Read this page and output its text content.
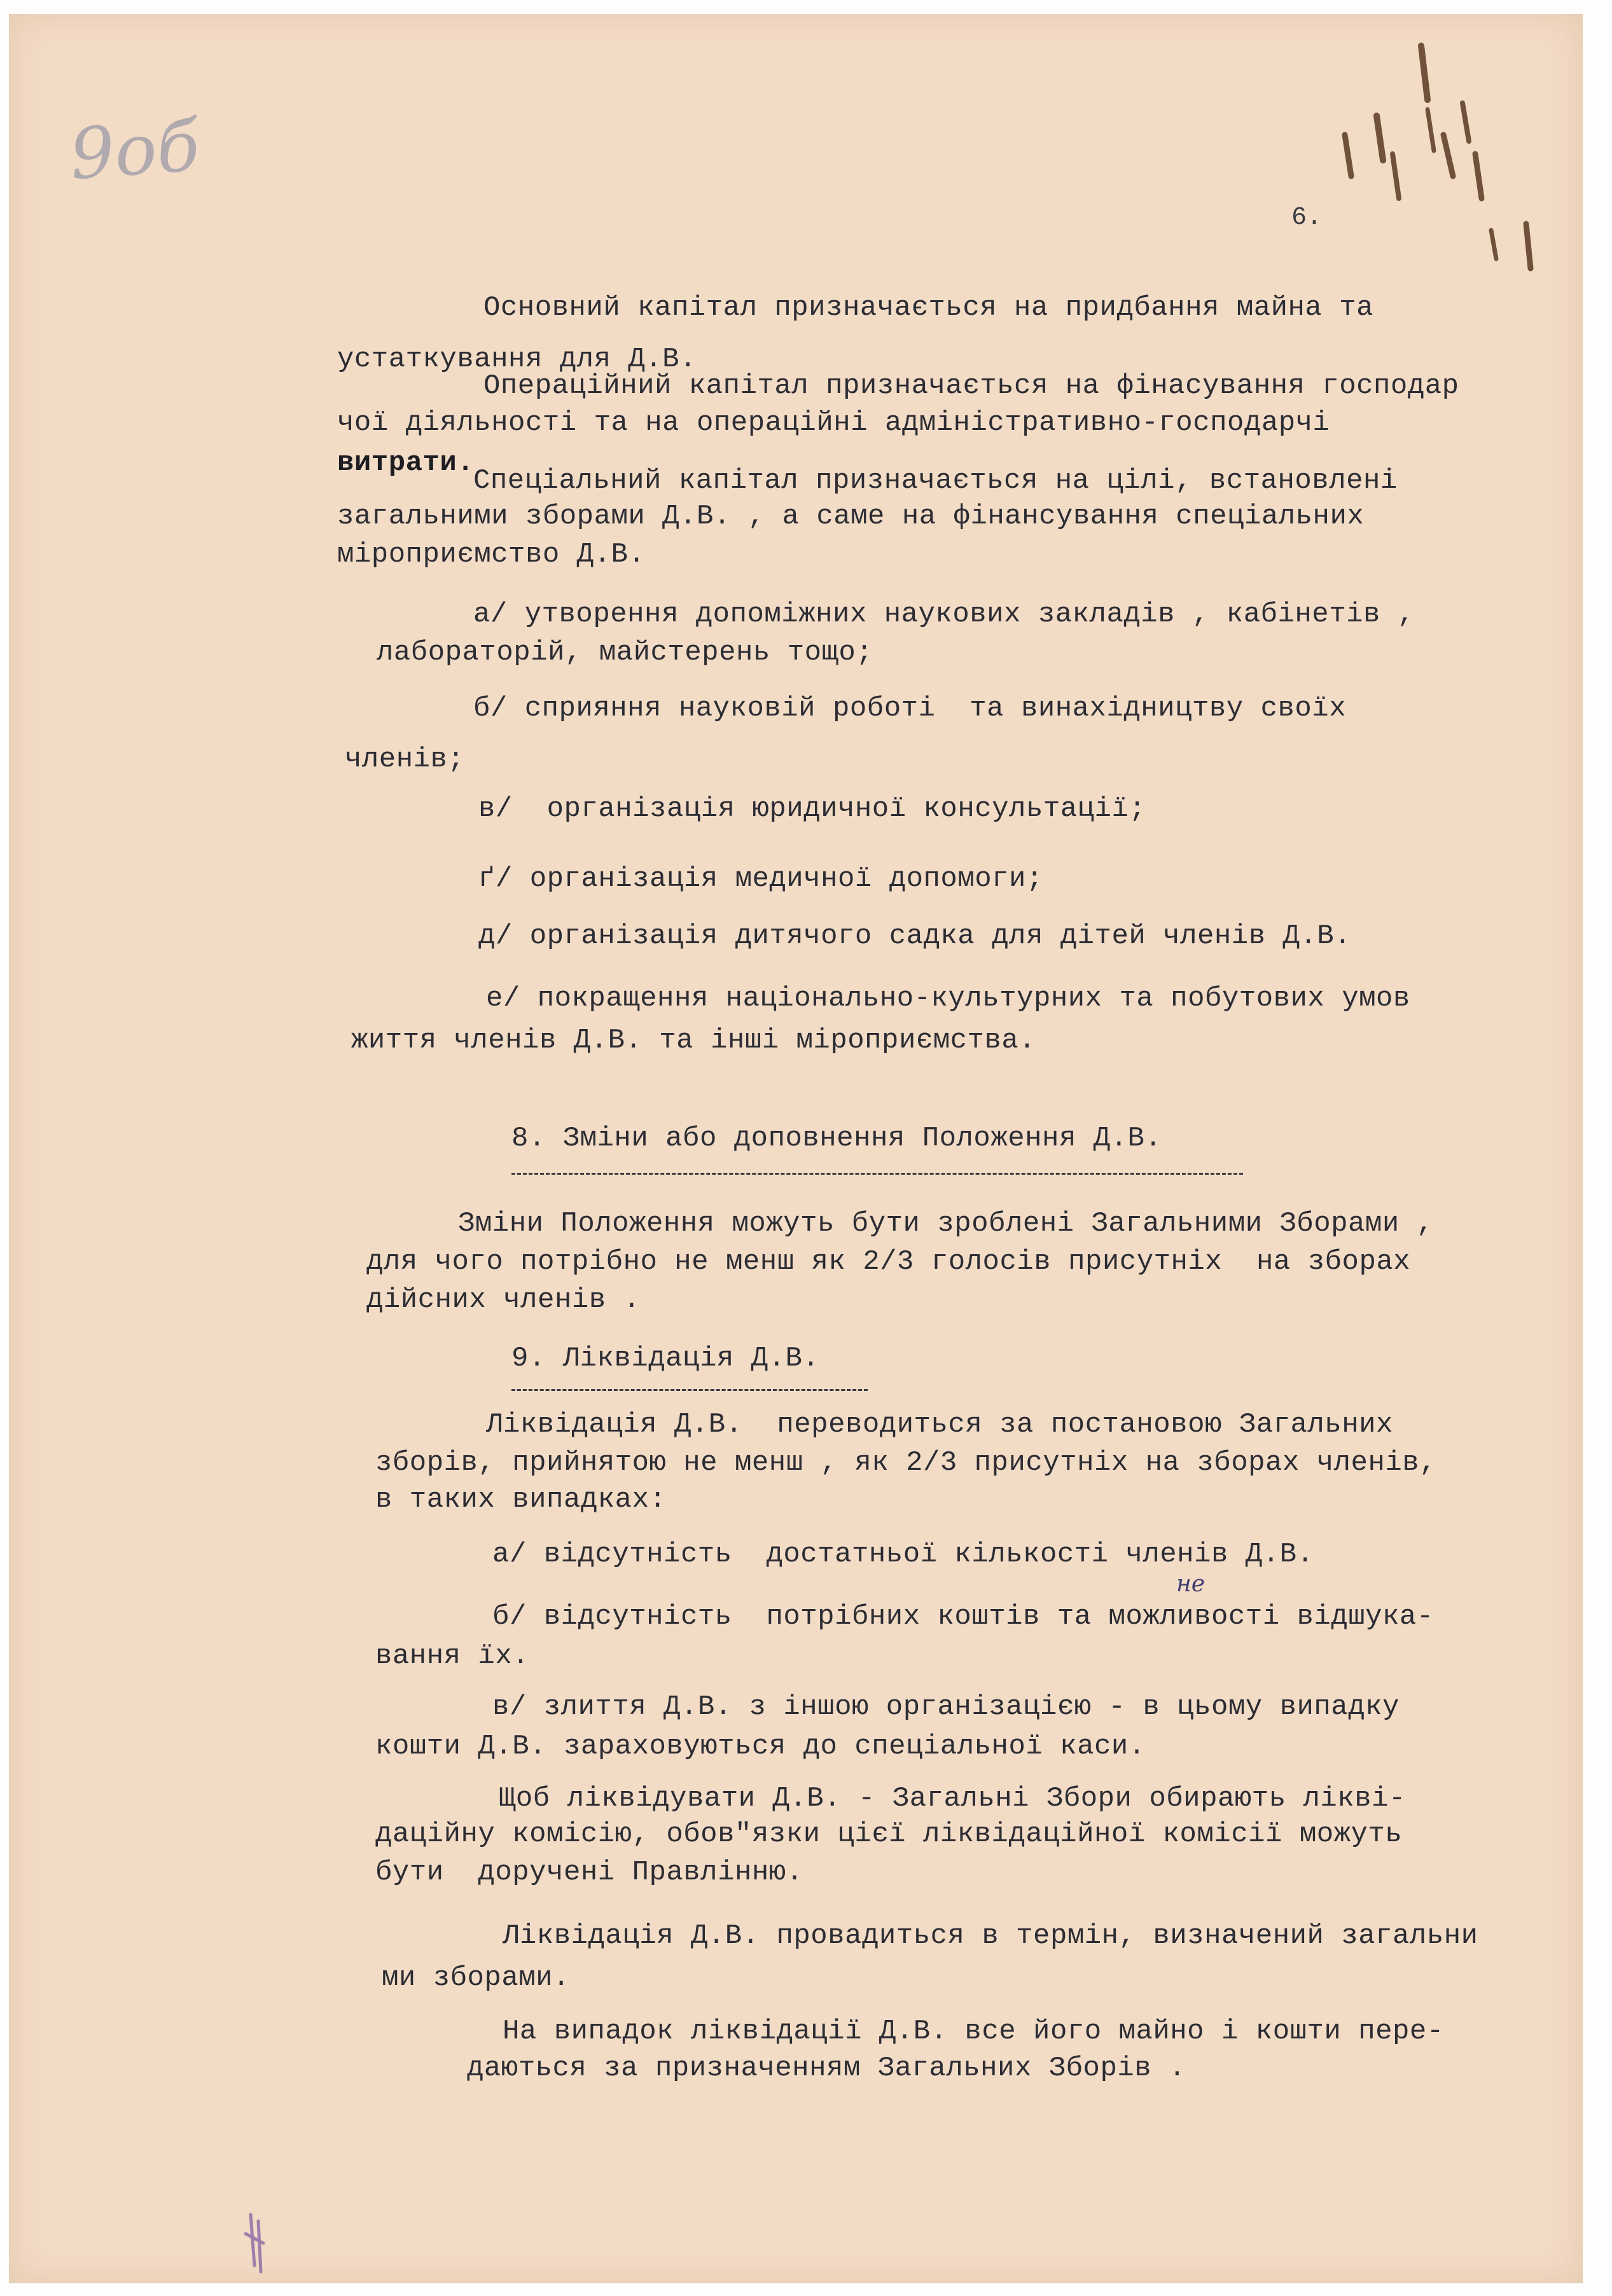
9об
6.
Основний капітал призначається на придбання майна та
устаткування для Д.В.
Операційний капітал призначається на фінасування господар
чої діяльності та на операційні адміністративно-господарчі
витрати.
Спеціальний капітал призначається на цілі, встановлені
загальними зборами Д.В. , а саме на фінансування спеціальних
міроприємство Д.В.
а/ утворення допоміжних наукових закладів , кабінетів ,
лабораторій, майстерень тощо;
б/ сприяння науковій роботі  та винахідництву своїх
членів;
в/  організація юридичної консультації;
ґ/ організація медичної допомоги;
д/ організація дитячого садка для дітей членів Д.В.
е/ покращення національно-культурних та побутових умов
життя членів Д.В. та інші міроприємства.
8. Зміни або доповнення Положення Д.В.
Зміни Положення можуть бути зроблені Загальними Зборами ,
для чого потрібно не менш як 2/3 голосів присутніх  на зборах
дійсних членів .
9. Ліквідація Д.В.
Ліквідація Д.В.  переводиться за постановою Загальних
зборів, прийнятою не менш , як 2/3 присутніх на зборах членів,
в таких випадках:
а/ відсутність  достатньої кількості членів Д.В.
не
б/ відсутність  потрібних коштів та можливості відшука-
вання їх.
в/ злиття Д.В. з іншою організацією - в цьому випадку
кошти Д.В. зараховуються до спеціальної каси.
Щоб ліквідувати Д.В. - Загальні Збори обирають ліквi-
даційну комісію, обов"язки цієї ліквідаційної комісії можуть
бути  доручені Правлінню.
Ліквідація Д.В. провадиться в термін, визначений загальни
ми зборами.
На випадок ліквідації Д.В. все його майно і кошти пере-
даються за призначенням Загальних Зборів .
